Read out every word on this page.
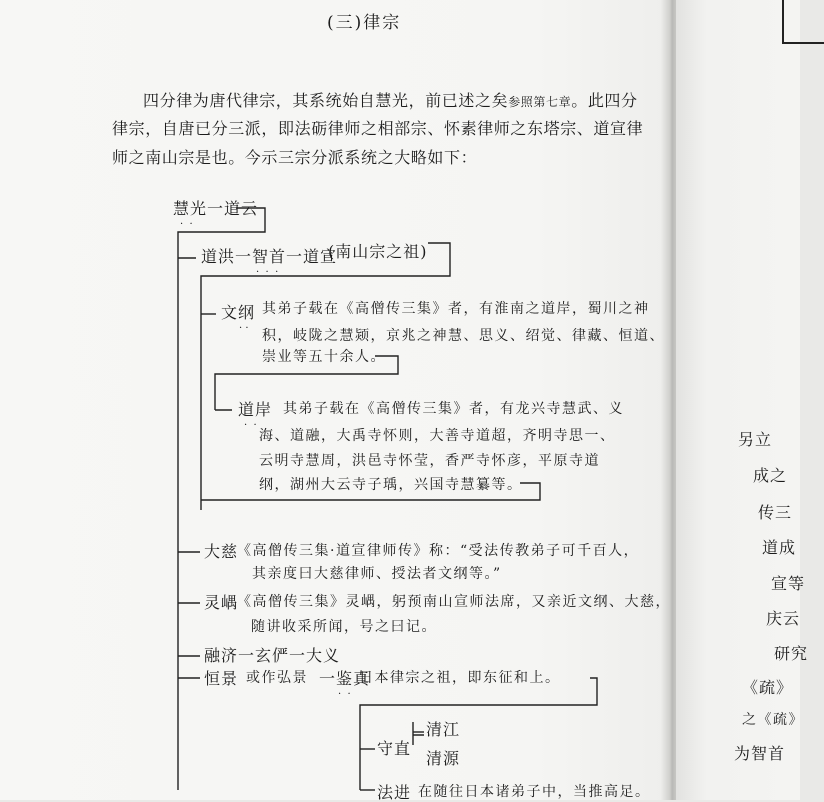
(三)律宗
四分律为唐代律宗，其系统始自慧光，前已述之矣参照第七章。此四分
律宗，自唐已分三派，即法砺律师之相部宗、怀素律师之东塔宗、道宣律
师之南山宗是也。今示三宗分派系统之大略如下：
慧光一道云
·  ·
道洪一智首一道宣
(南山宗之祖)
·  ·  ·
文纲
· ·
其弟子载在《高僧传三集》者，有淮南之道岸，蜀川之神
积，岐陇之慧颎，京兆之神慧、思义、绍觉、律藏、恒道、
崇业等五十余人。
道岸
·  ·
其弟子载在《高僧传三集》者，有龙兴寺慧武、义
海、道融，大禹寺怀则，大善寺道超，齐明寺思一、
云明寺慧周，洪邑寺怀莹，香严寺怀彦，平原寺道
纲，湖州大云寺子瑀，兴国寺慧纂等。
大慈
《高僧传三集·道宣律师传》称：“受法传教弟子可千百人，
其亲度曰大慈律师、授法者文纲等。”
灵嵎
《高僧传三集》灵嵎，躬预南山宣师法席，又亲近文纲、大慈，
随讲收采所闻，号之曰记。
融济一玄俨一大义
恒景 或作弘景 一鉴真
日本律宗之祖，即东征和上。
·  ·
守直
清江
清源
法进 在随往日本诸弟子中，当推高足。
另立
成之
传三
道成
宣等
庆云
研究
《疏》
之《疏》
为智首
